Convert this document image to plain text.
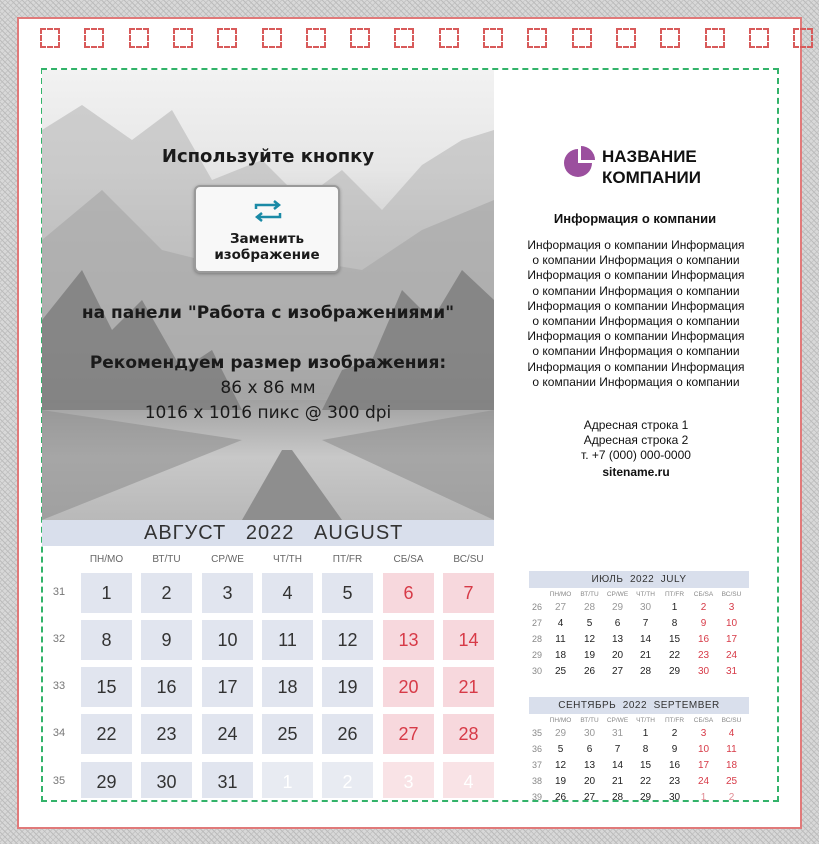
Используйте кнопку
Заменить
изображение
на панели "Работа с изображениями"
Рекомендуем размер изображения:
86 x 86 мм
1016 x 1016 пикс @ 300 dpi
АВГУСТ   2022   AUGUST
ПН/MO	ВТ/TU	СР/WE	ЧТ/TH	ПТ/FR	СБ/SA	ВС/SU
31	1	2	3	4	5	6	7
32	8	9	10	11	12	13	14
33	15	16	17	18	19	20	21
34	22	23	24	25	26	27	28
35	29	30	31	1	2	3	4
НАЗВАНИЕ
КОМПАНИИ
Информация о компании
Информация о компании Информация
о компании Информация о компании
Информация о компании Информация
о компании Информация о компании
Информация о компании Информация
о компании Информация о компании
Информация о компании Информация
о компании Информация о компании
Информация о компании Информация
о компании Информация о компании
Адресная строка 1
Адресная строка 2
т. +7 (000) 000-0000
sitename.ru
ИЮЛЬ  2022  JULY
ПН/MO	ВТ/TU	СР/WE	ЧТ/TH	ПТ/FR	СБ/SA	ВС/SU
26	27	28	29	30	1	2	3
27	4	5	6	7	8	9	10
28	11	12	13	14	15	16	17
29	18	19	20	21	22	23	24
30	25	26	27	28	29	30	31
СЕНТЯБРЬ  2022  SEPTEMBER
ПН/MO	ВТ/TU	СР/WE	ЧТ/TH	ПТ/FR	СБ/SA	ВС/SU
35	29	30	31	1	2	3	4
36	5	6	7	8	9	10	11
37	12	13	14	15	16	17	18
38	19	20	21	22	23	24	25
39	26	27	28	29	30	1	2
